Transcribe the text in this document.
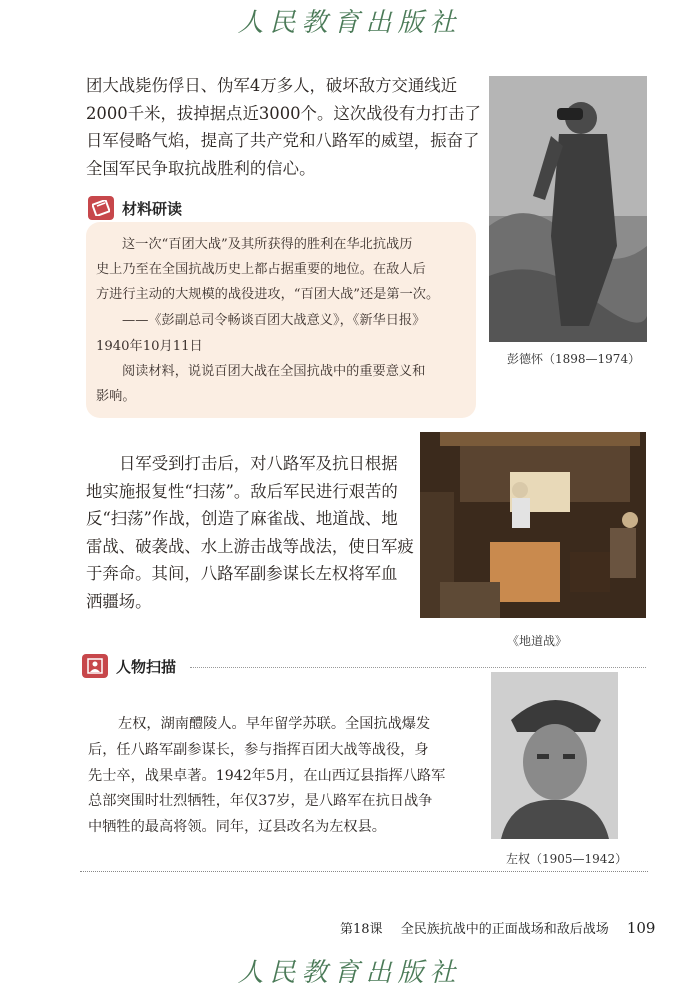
人民教育出版社
团大战毙伤俘日、伪军4万多人，破坏敌方交通线近
2000千米，拔掉据点近3000个。这次战役有力打击了
日军侵略气焰，提高了共产党和八路军的威望，振奋了
全国军民争取抗战胜利的信心。
彭德怀（1898—1974）
材料研读
这一次“百团大战”及其所获得的胜利在华北抗战历
史上乃至在全国抗战历史上都占据重要的地位。在敌人后
方进行主动的大规模的战役进攻，“百团大战”还是第一次。
——《彭副总司令畅谈百团大战意义》，《新华日报》
1940年10月11日
阅读材料，说说百团大战在全国抗战中的重要意义和
影响。
日军受到打击后，对八路军及抗日根据
地实施报复性“扫荡”。敌后军民进行艰苦的
反“扫荡”作战，创造了麻雀战、地道战、地
雷战、破袭战、水上游击战等战法，使日军疲
于奔命。其间，八路军副参谋长左权将军血
洒疆场。
《地道战》
人物扫描
左权，湖南醴陵人。早年留学苏联。全国抗战爆发
后，任八路军副参谋长，参与指挥百团大战等战役，身
先士卒，战果卓著。1942年5月，在山西辽县指挥八路军
总部突围时壮烈牺牲，年仅37岁，是八路军在抗日战争
中牺牲的最高将领。同年，辽县改名为左权县。
左权（1905—1942）
第18课 全民族抗战中的正面战场和敌后战场 109
人民教育出版社
